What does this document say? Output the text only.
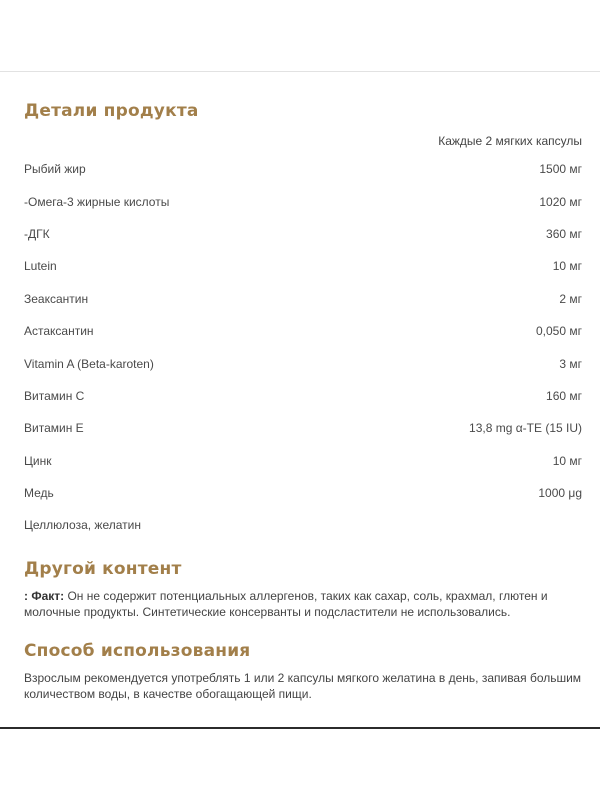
Детали продукта
Каждые 2 мягких капсулы
Рыбий жир	1500 мг
-Омега-3 жирные кислоты	1020 мг
-ДГК	360 мг
Lutein	10 мг
Зеаксантин	2 мг
Астаксантин	0,050 мг
Vitamin A (Beta-karoten)	3 мг
Витамин C	160 мг
Витамин E	13,8 mg α-TE (15 IU)
Цинк	10 мг
Медь	1000 μg
Целлюлоза, желатин	
Другой контент

: Факт: Он не содержит потенциальных аллергенов, таких как сахар, соль, крахмал, глютен и молочные продукты. Синтетические консерванты и подсластители не использовались.

Способ использования

Взрослым рекомендуется употреблять 1 или 2 капсулы мягкого желатина в день, запивая большим количеством воды, в качестве обогащающей пищи.
